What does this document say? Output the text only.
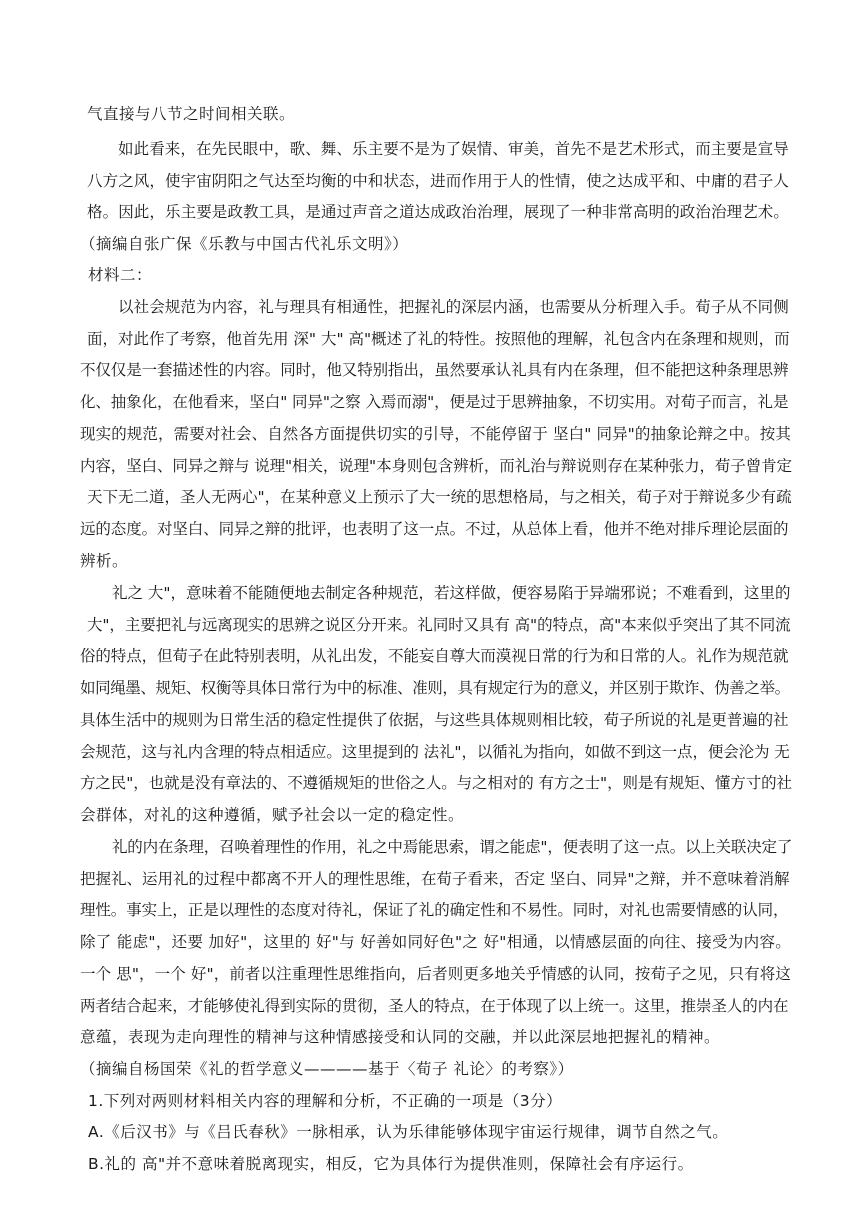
气直接与八节之时间相关联。
如此看来，在先民眼中，歌、舞、乐主要不是为了娱情、审美，首先不是艺术形式，而主要是宣导
八方之风，使宇宙阴阳之气达至均衡的中和状态，进而作用于人的性情，使之达成平和、中庸的君子人
格。因此，乐主要是政教工具，是通过声音之道达成政治治理，展现了一种非常高明的政治治理艺术。
（摘编自张广保《乐教与中国古代礼乐文明》）
材料二：
以社会规范为内容，礼与理具有相通性，把握礼的深层内涵，也需要从分析理入手。荀子从不同侧
面，对此作了考察，他首先用 深" 大" 高"概述了礼的特性。按照他的理解，礼包含内在条理和规则，而
不仅仅是一套描述性的内容。同时，他又特别指出，虽然要承认礼具有内在条理，但不能把这种条理思辨
化、抽象化，在他看来，坚白" 同异"之察 入焉而溺"，便是过于思辨抽象，不切实用。对荀子而言，礼是
现实的规范，需要对社会、自然各方面提供切实的引导，不能停留于 坚白" 同异"的抽象论辩之中。按其
内容，坚白、同异之辩与 说理"相关，说理"本身则包含辨析，而礼治与辩说则存在某种张力，荀子曾肯定
天下无二道，圣人无两心"，在某种意义上预示了大一统的思想格局，与之相关，荀子对于辩说多少有疏
远的态度。对坚白、同异之辩的批评，也表明了这一点。不过，从总体上看，他并不绝对排斥理论层面的
辨析。
礼之 大"，意味着不能随便地去制定各种规范，若这样做，便容易陷于异端邪说；不难看到，这里的
大"，主要把礼与远离现实的思辨之说区分开来。礼同时又具有 高"的特点，高"本来似乎突出了其不同流
俗的特点，但荀子在此特别表明，从礼出发，不能妄自尊大而漠视日常的行为和日常的人。礼作为规范就
如同绳墨、规矩、权衡等具体日常行为中的标准、准则，具有规定行为的意义，并区别于欺诈、伪善之举。
具体生活中的规则为日常生活的稳定性提供了依据，与这些具体规则相比较，荀子所说的礼是更普遍的社
会规范，这与礼内含理的特点相适应。这里提到的 法礼"，以循礼为指向，如做不到这一点，便会沦为 无
方之民"，也就是没有章法的、不遵循规矩的世俗之人。与之相对的 有方之士"，则是有规矩、懂方寸的社
会群体，对礼的这种遵循，赋予社会以一定的稳定性。
礼的内在条理，召唤着理性的作用，礼之中焉能思索，谓之能虑"，便表明了这一点。以上关联决定了
把握礼、运用礼的过程中都离不开人的理性思维，在荀子看来，否定 坚白、同异"之辩，并不意味着消解
理性。事实上，正是以理性的态度对待礼，保证了礼的确定性和不易性。同时，对礼也需要情感的认同，
除了 能虑"，还要 加好"，这里的 好"与 好善如同好色"之 好"相通，以情感层面的向往、接受为内容。
一个 思"，一个 好"，前者以注重理性思维指向，后者则更多地关乎情感的认同，按荀子之见，只有将这
两者结合起来，才能够使礼得到实际的贯彻，圣人的特点，在于体现了以上统一。这里，推崇圣人的内在
意蕴，表现为走向理性的精神与这种情感接受和认同的交融，并以此深层地把握礼的精神。
（摘编自杨国荣《礼的哲学意义————基于〈荀子 礼论〉的考察》）
1.下列对两则材料相关内容的理解和分析，不正确的一项是（3分）
A.《后汉书》与《吕氏春秋》一脉相承，认为乐律能够体现宇宙运行规律，调节自然之气。
B.礼的 高"并不意味着脱离现实，相反，它为具体行为提供准则，保障社会有序运行。
